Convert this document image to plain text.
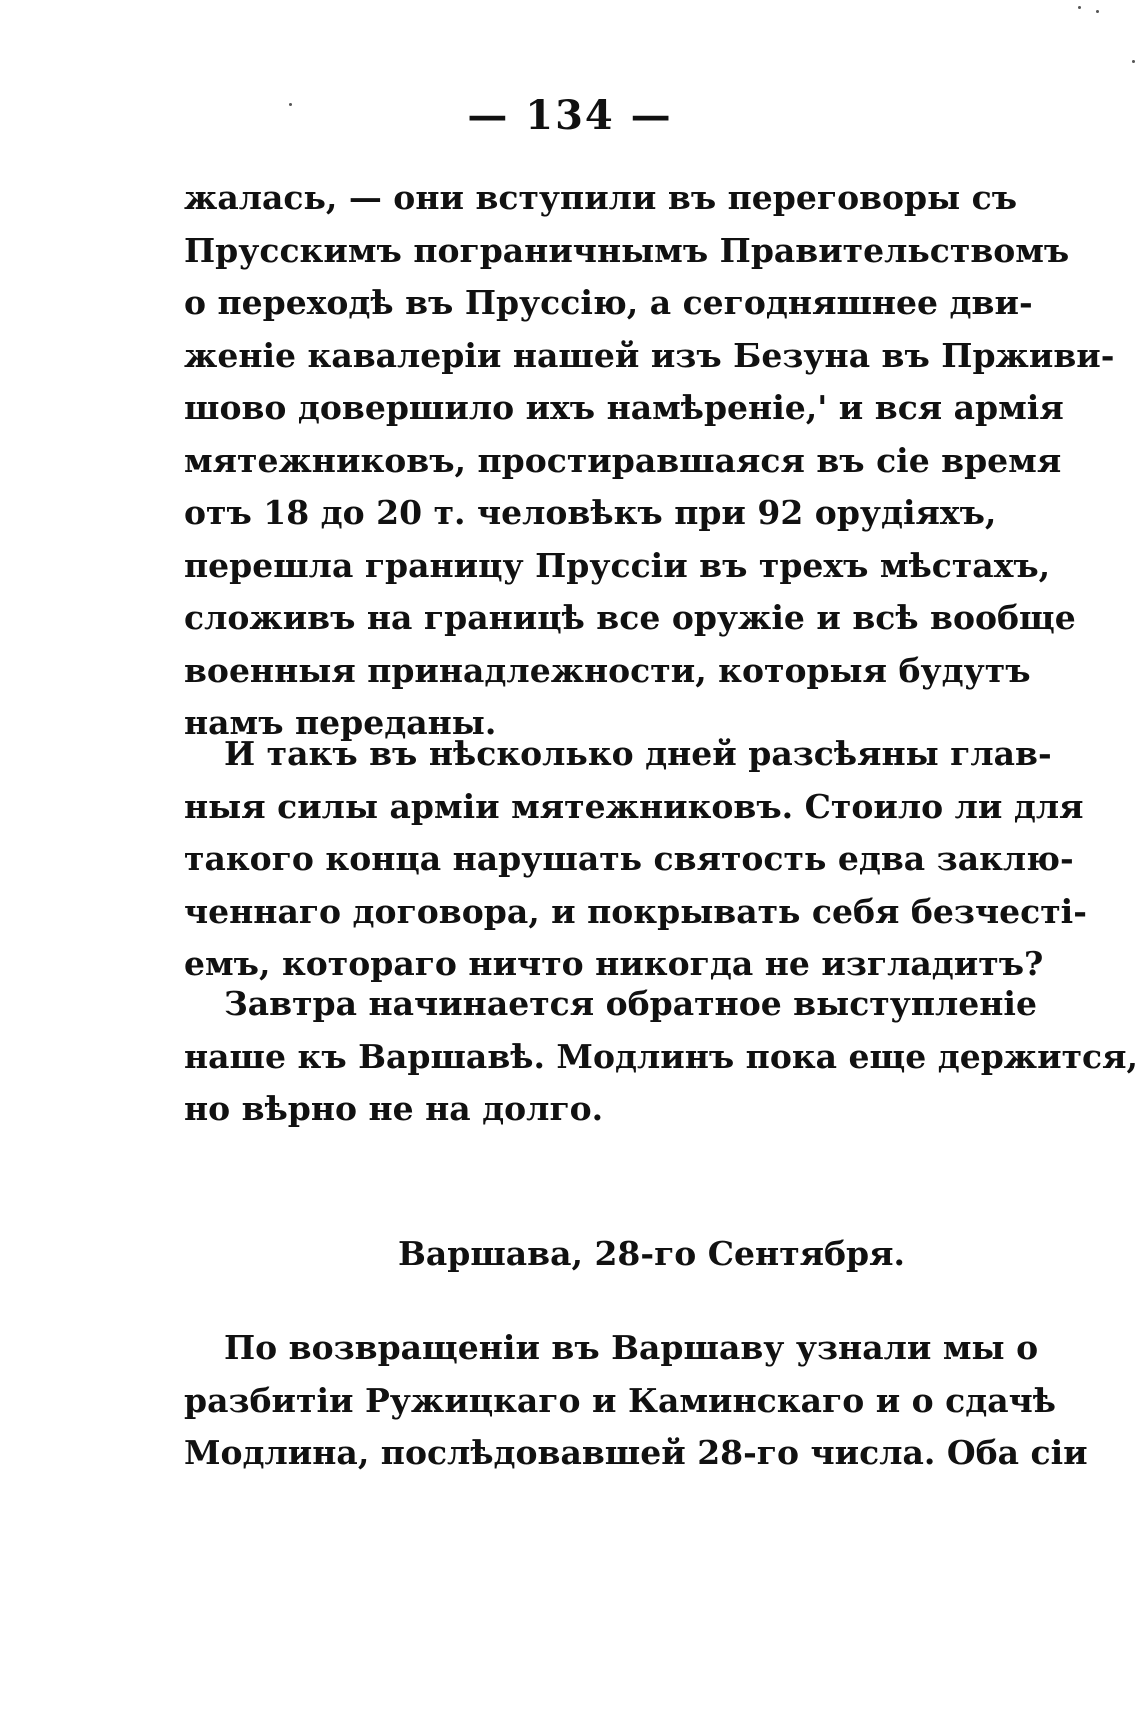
— 134 —
жалась, — они вступили въ переговоры съ
Прусскимъ пограничнымъ Правительствомъ
о переходѣ въ Пруссію, а сегодняшнее дви-
женіе кавалеріи нашей изъ Безуна въ Прживи-
шово довершило ихъ намѣреніе,' и вся армія
мятежниковъ, простиравшаяся въ сіе время
отъ 18 до 20 т. человѣкъ при 92 орудіяхъ,
перешла границу Пруссіи въ трехъ мѣстахъ,
сложивъ на границѣ все оружіе и всѣ вообще
военныя принадлежности, которыя будутъ
намъ переданы.
И такъ въ нѣсколько дней разсѣяны глав-
ныя силы арміи мятежниковъ. Стоило ли для
такого конца нарушать святость едва заклю-
ченнаго договора, и покрывать себя безчестi-
емъ, котораго ничто никогда не изгладитъ?
Завтра начинается обратное выступленіе
наше къ Варшавѣ. Модлинъ пока еще держится,
но вѣрно не на долго.
Варшава, 28-го Сентября.
По возвращеніи въ Варшаву узнали мы о
разбитіи Ружицкаго и Каминскаго и о сдачѣ
Модлина, послѣдовавшей 28-го числа. Оба сіи
